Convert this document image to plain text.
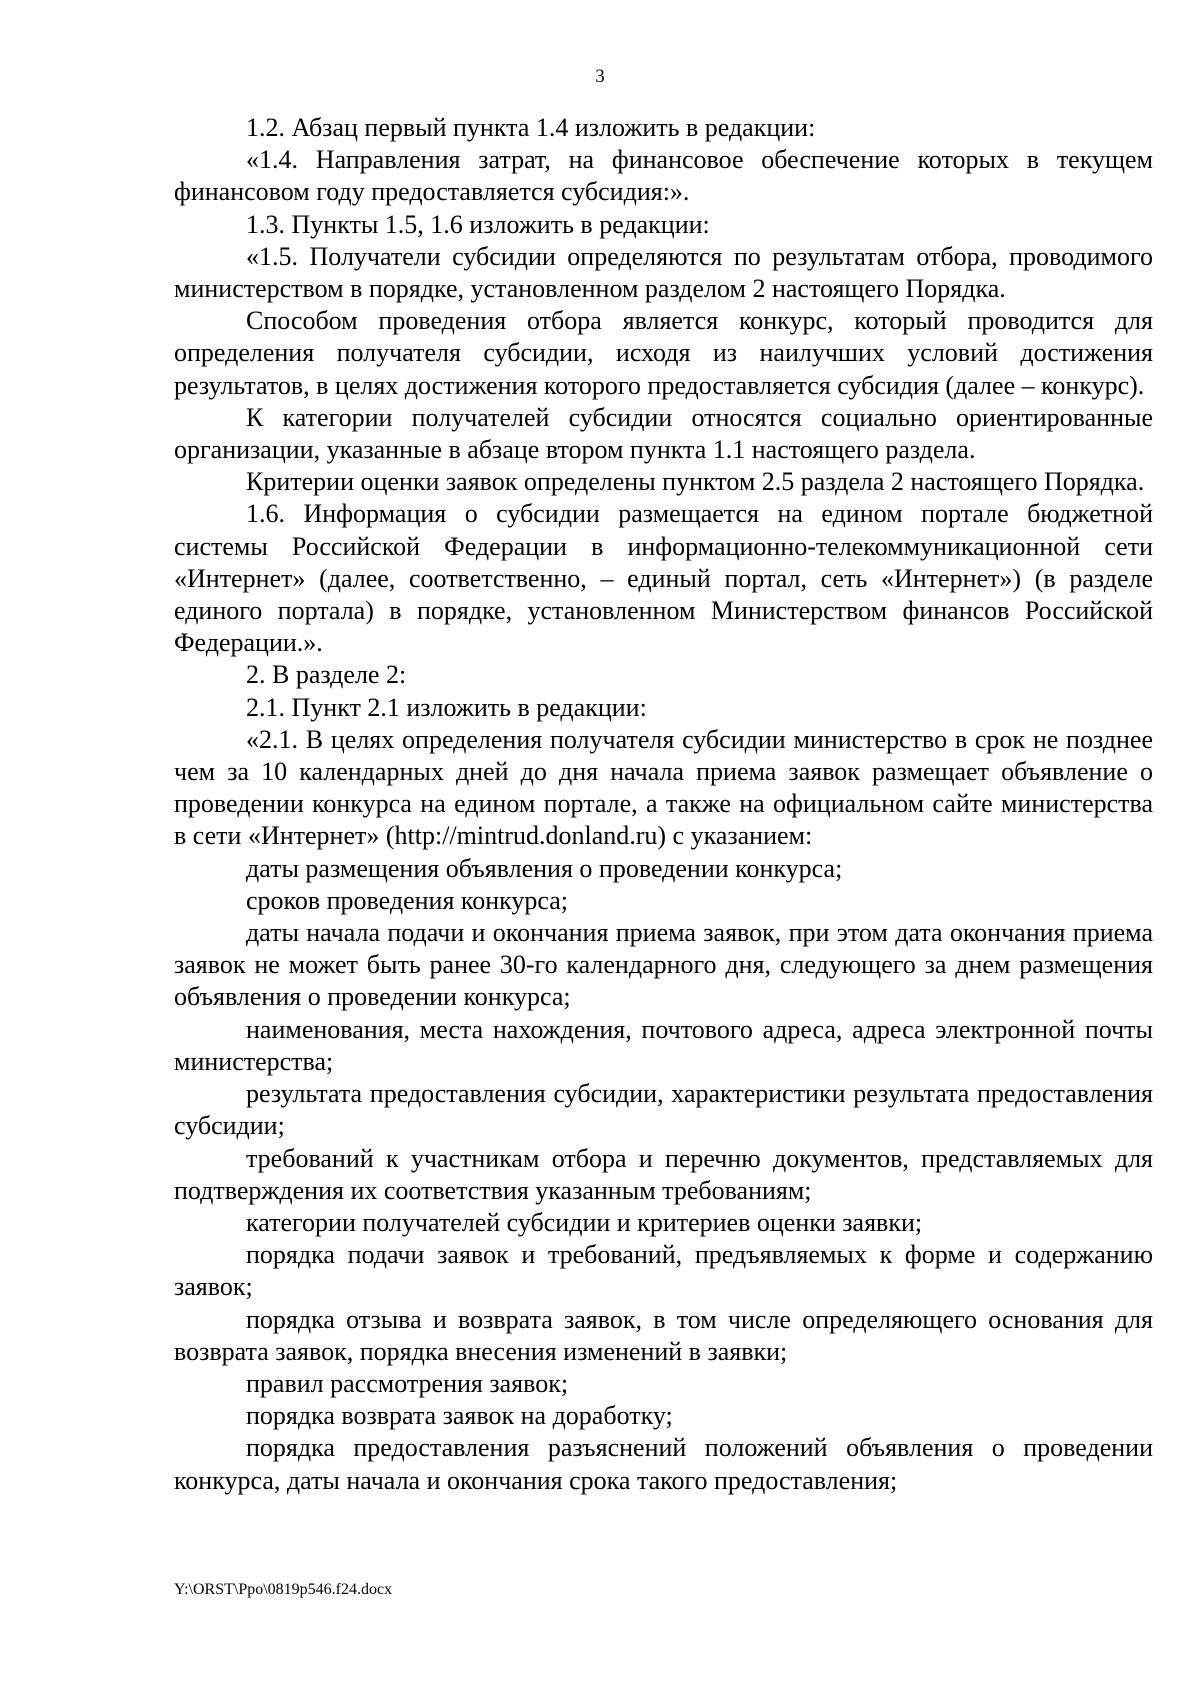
3

1.2. Абзац первый пункта 1.4 изложить в редакции:

«1.4. Направления затрат, на финансовое обеспечение которых в текущем финансовом году предоставляется субсидия:».

1.3. Пункты 1.5, 1.6 изложить в редакции:

«1.5. Получатели субсидии определяются по результатам отбора, проводимого министерством в порядке, установленном разделом 2 настоящего Порядка.

Способом проведения отбора является конкурс, который проводится для определения получателя субсидии, исходя из наилучших условий достижения результатов, в целях достижения которого предоставляется субсидия (далее – конкурс).

К категории получателей субсидии относятся социально ориентированные организации, указанные в абзаце втором пункта 1.1 настоящего раздела.

Критерии оценки заявок определены пунктом 2.5 раздела 2 настоящего Порядка.

1.6. Информация о субсидии размещается на едином портале бюджетной системы Российской Федерации в информационно-телекоммуникационной сети «Интернет» (далее, соответственно, – единый портал, сеть «Интернет») (в разделе единого портала) в порядке, установленном Министерством финансов Российской Федерации.».

2. В разделе 2:

2.1. Пункт 2.1 изложить в редакции:

«2.1. В целях определения получателя субсидии министерство в срок не позднее чем за 10 календарных дней до дня начала приема заявок размещает объявление о проведении конкурса на едином портале, а также на официальном сайте министерства в сети «Интернет» (http://mintrud.donland.ru) с указанием:

даты размещения объявления о проведении конкурса;

сроков проведения конкурса;

даты начала подачи и окончания приема заявок, при этом дата окончания приема заявок не может быть ранее 30-го календарного дня, следующего за днем размещения объявления о проведении конкурса;

наименования, места нахождения, почтового адреса, адреса электронной почты министерства;

результата предоставления субсидии, характеристики результата предоставления субсидии;

требований к участникам отбора и перечню документов, представляемых для подтверждения их соответствия указанным требованиям;

категории получателей субсидии и критериев оценки заявки;

порядка подачи заявок и требований, предъявляемых к форме и содержанию заявок;

порядка отзыва и возврата заявок, в том числе определяющего основания для возврата заявок, порядка внесения изменений в заявки;

правил рассмотрения заявок;

порядка возврата заявок на доработку;

порядка предоставления разъяснений положений объявления о проведении конкурса, даты начала и окончания срока такого предоставления;

Y:\ORST\Ppo\0819p546.f24.docx
